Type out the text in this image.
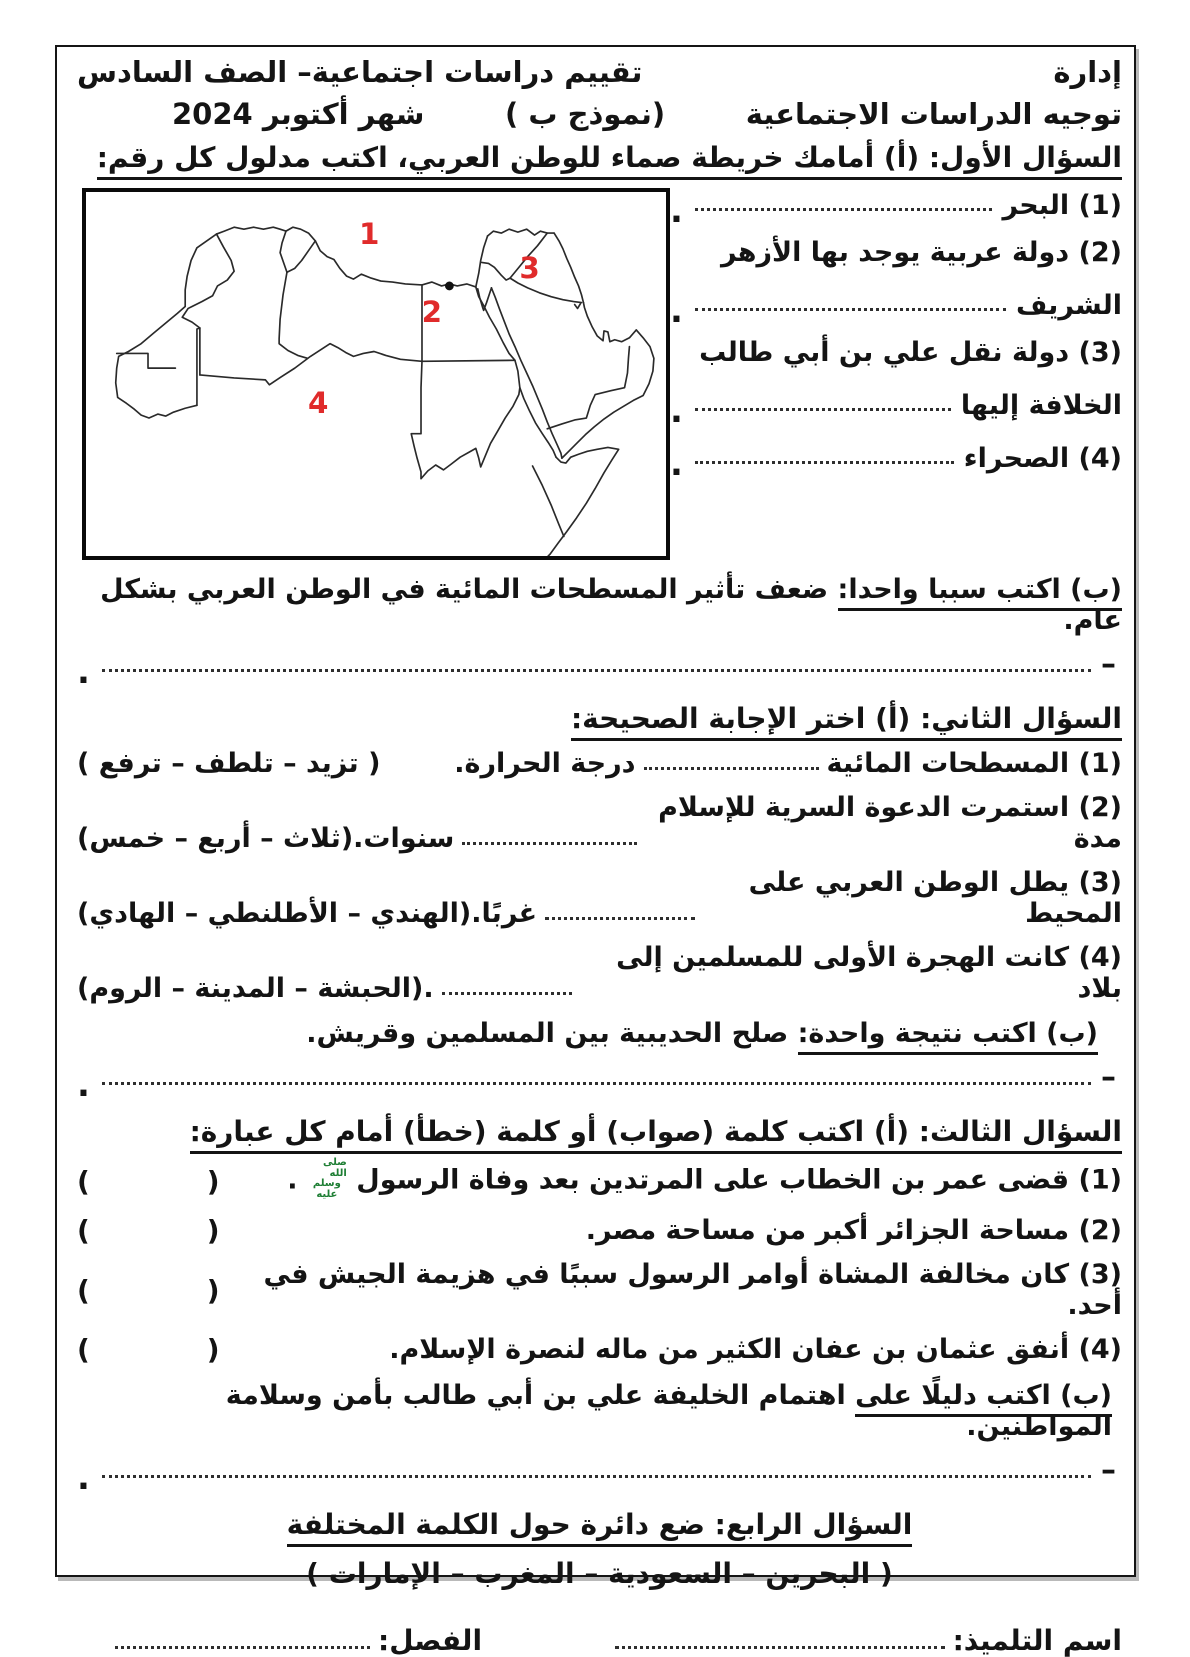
إدارة
تقييم دراسات اجتماعية– الصف السادس
توجيه الدراسات الاجتماعية
(نموذج ب )
شهر أكتوبر 2024
السؤال الأول: (أ) أمامك خريطة صماء للوطن العربي، اكتب مدلول كل رقم:
(1) البحر
.
(2) دولة عربية يوجد بها الأزهر
الشريف
.
(3) دولة نقل علي بن أبي طالب
الخلافة إليها
.
(4) الصحراء
.
1
2
3
4
(ب) اكتب سببا واحدا: ضعف تأثير المسطحات المائية في الوطن العربي بشكل عام.
–
.
السؤال الثاني: (أ) اختر الإجابة الصحيحة:
(1) المسطحات المائية
درجة الحرارة.
( تزيد – تلطف – ترفع )
(2) استمرت الدعوة السرية للإسلام مدة
سنوات.
(ثلاث – أربع – خمس)
(3) يطل الوطن العربي على المحيط
غربًا.
(الهندي – الأطلنطي – الهادي)
(4) كانت الهجرة الأولى للمسلمين إلى بلاد
.
(الحبشة – المدينة – الروم)
(ب) اكتب نتيجة واحدة: صلح الحديبية بين المسلمين وقريش.
–
.
السؤال الثالث: (أ) اكتب كلمة (صواب) أو كلمة (خطأ) أمام كل عبارة:
(1) قضى عمر بن الخطاب على المرتدين بعد وفاة الرسول
صلى الله
وسلم
عليه
.
(            )
(2) مساحة الجزائر أكبر من مساحة مصر.
(            )
(3) كان مخالفة المشاة أوامر الرسول سببًا في هزيمة الجيش في أحد.
(            )
(4) أنفق عثمان بن عفان الكثير من ماله لنصرة الإسلام.
(            )
(ب) اكتب دليلًا على اهتمام الخليفة علي بن أبي طالب بأمن وسلامة المواطنين.
–
.
السؤال الرابع: ضع دائرة حول الكلمة المختلفة
( البحرين – السعودية – المغرب – الإمارات )
اسم التلميذ:
الفصل:
